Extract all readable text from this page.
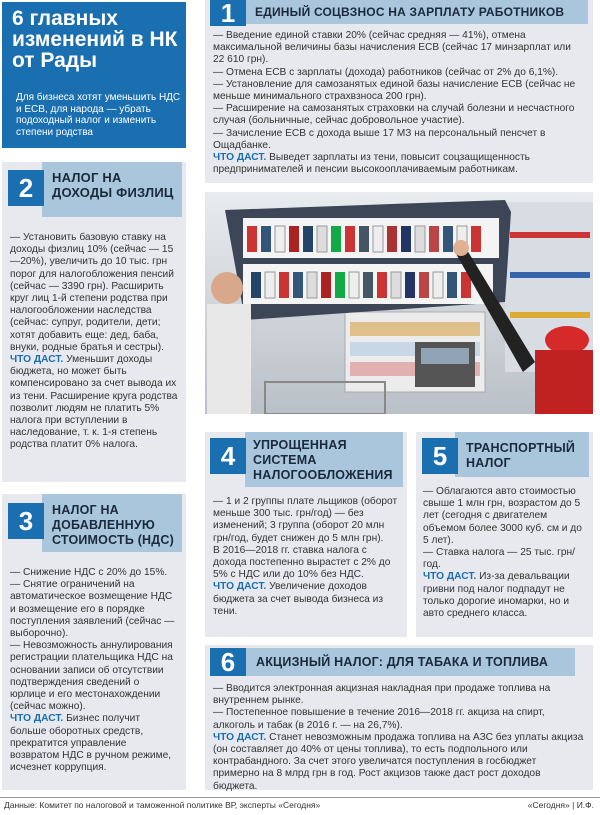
6 главных изменений в НК от Рады
Для бизнеса хотят уменьшить НДС и ЕСВ, для народа — убрать подоходный налог и изменить степени родства
1	ЕДИНЫЙ СОЦВЗНОС НА ЗАРПЛАТУ РАБОТНИКОВ

— Введение единой ставки 20% (сейчас средняя — 41%), отмена максимальной величины базы начисления ЕСВ (сейчас 17 минзарплат или 22 610 грн).

— Отмена ЕСВ с зарплаты (дохода) работников (сейчас от 2% до 6,1%).

— Установление для самозанятых единой базы начисление ЕСВ (сейчас не меньше минимального страхвзноса 200 грн).

— Расширение на самозанятых страховки на случай болезни и несчастного случая (больничные, сейчас добровольное участие).

— Зачисление ЕСВ с дохода выше 17 МЗ на персональный пенсчет в Ощадбанке.

ЧТО ДАСТ. Выведет зарплаты из тени, повысит соцзащищенность предпринимателей и пенсии высокооплачиваемым работникам.

2	НАЛОГ НА ДОХОДЫ ФИЗЛИЦ

— Установить базовую ставку на доходы физлиц 10% (сейчас — 15—20%), увеличить до 10 тыс. грн порог для налогобложения пенсий (сейчас — 3390 грн). Расширить круг лиц 1-й степени родства при налогообложении наследства (сейчас: супруг, родители, дети; хотят добавить еще: дед, баба, внуки, родные братья и сестры).

ЧТО ДАСТ. Уменьшит доходы бюджета, но может быть компенсировано за счет вывода их из тени. Расширение круга родства позволит людям не платить 5% налога при вступлении в наследование, т. к. 1-я степень родства платит 0% налога.

3	НАЛОГ НА ДОБАВЛЕННУЮ СТОИМОСТЬ (НДС)

— Снижение НДС с 20% до 15%.

— Снятие ограничений на автоматическое возмещение НДС и возмещение его в порядке поступления заявлений (сейчас — выборочно).

— Невозможность аннулирования регистрации плательщика НДС на основании записи об отсутствии подтверждения сведений о юрлице и его местонахождении (сейчас можно).

ЧТО ДАСТ. Бизнес получит больше оборотных средств, прекратится управление возвратом НДС в ручном режиме, исчезнет коррупция.

4	УПРОЩЕННАЯ СИСТЕМА НАЛОГООБЛОЖЕНИЯ

— 1 и 2 группы плате льщиков (оборот меньше 300 тыс. грн/год) — без изменений; 3 группа (оборот 20 млн грн/год, будет снижен до 5 млн грн).

В 2016—2018 гг. ставка налога с дохода постепенно вырастет с 2% до 5% с НДС или до 10% без НДС.

ЧТО ДАСТ. Увеличение доходов бюджета за счет вывода бизнеса из тени.

5	ТРАНСПОРТНЫЙ НАЛОГ

— Облагаются авто стоимостью свыше 1 млн грн, возрастом до 5 лет (сегодня с двигателем объемом более 3000 куб. см и до 5 лет).

— Ставка налога — 25 тыс. грн/год.

ЧТО ДАСТ. Из-за девальвации гривни под налог подпадут не только дорогие иномарки, но и авто среднего класса.

6	АКЦИЗНЫЙ НАЛОГ: ДЛЯ ТАБАКА И ТОПЛИВА

— Вводится электронная акцизная накладная при продаже топлива на внутреннем рынке.

— Постепенное повышение в течение 2016—2018 гг. акциза на спирт, алкоголь и табак (в 2016 г. — на 26,7%).

ЧТО ДАСТ. Станет невозможным продажа топлива на АЗС без уплаты акциза (он составляет до 40% от цены топлива), то есть подпольного или контрабандного. За счет этого увеличатся поступления в госбюджет примерно на 8 млрд грн в год. Рост акцизов также даст рост доходов бюджета.

Данные: Комитет по налоговой и таможенной политике ВР, эксперты «Сегодня»	«Сегодня» | И.Ф.
